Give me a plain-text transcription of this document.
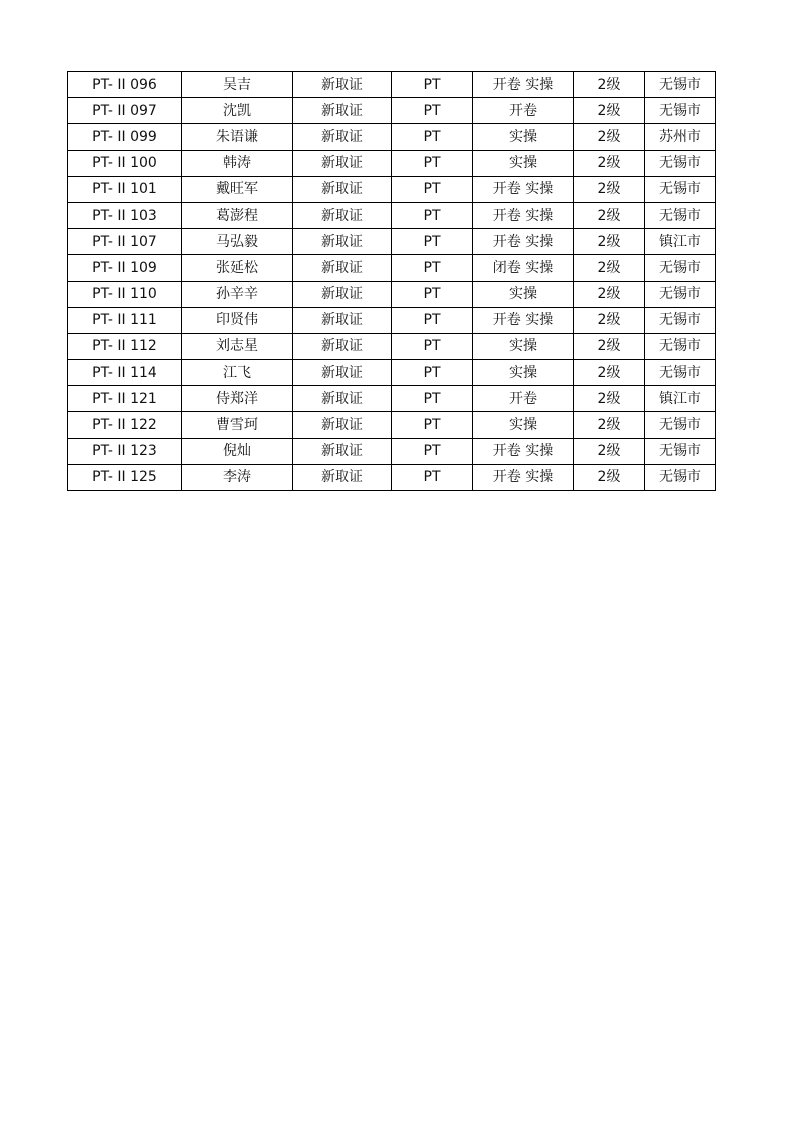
PT- II 096	吴吉	新取证	PT	开卷 实操	2级	无锡市
PT- II 097	沈凯	新取证	PT	开卷	2级	无锡市
PT- II 099	朱语谦	新取证	PT	实操	2级	苏州市
PT- II 100	韩涛	新取证	PT	实操	2级	无锡市
PT- II 101	戴旺军	新取证	PT	开卷 实操	2级	无锡市
PT- II 103	葛澎程	新取证	PT	开卷 实操	2级	无锡市
PT- II 107	马弘毅	新取证	PT	开卷 实操	2级	镇江市
PT- II 109	张延松	新取证	PT	闭卷 实操	2级	无锡市
PT- II 110	孙辛辛	新取证	PT	实操	2级	无锡市
PT- II 111	印贤伟	新取证	PT	开卷 实操	2级	无锡市
PT- II 112	刘志星	新取证	PT	实操	2级	无锡市
PT- II 114	江飞	新取证	PT	实操	2级	无锡市
PT- II 121	侍郑洋	新取证	PT	开卷	2级	镇江市
PT- II 122	曹雪珂	新取证	PT	实操	2级	无锡市
PT- II 123	倪灿	新取证	PT	开卷 实操	2级	无锡市
PT- II 125	李涛	新取证	PT	开卷 实操	2级	无锡市
